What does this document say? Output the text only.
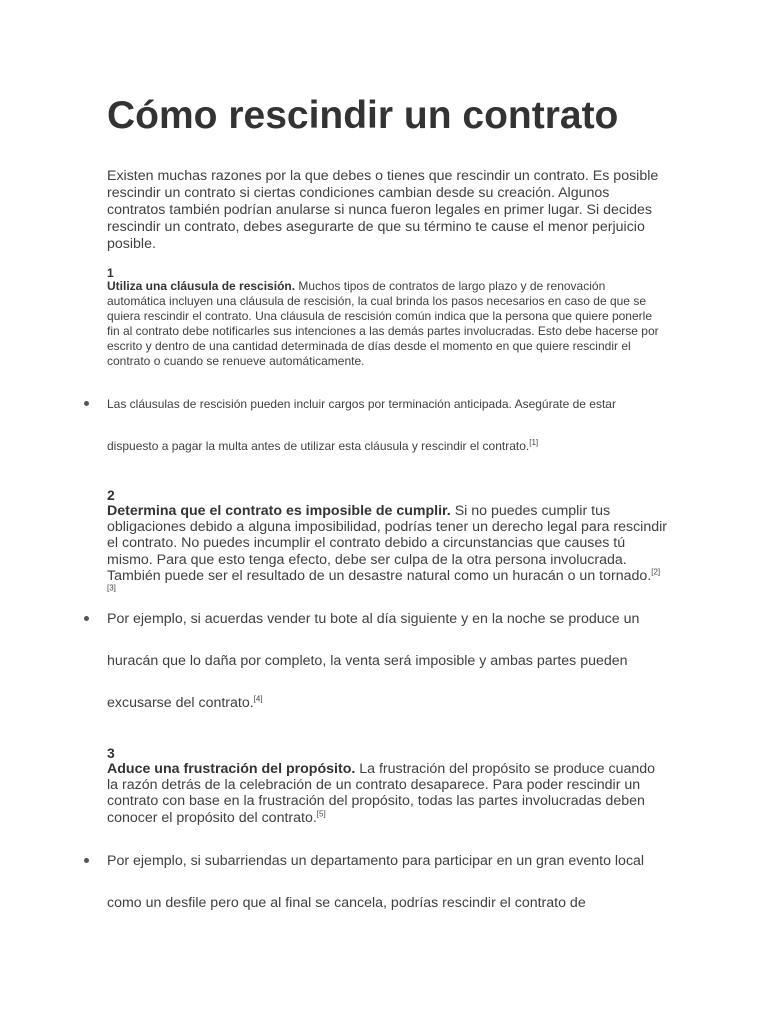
Cómo rescindir un contrato

Existen muchas razones por la que debes o tienes que rescindir un contrato. Es posible rescindir un contrato si ciertas condiciones cambian desde su creación. Algunos contratos también podrían anularse si nunca fueron legales en primer lugar. Si decides rescindir un contrato, debes asegurarte de que su término te cause el menor perjuicio posible.

1

Utiliza una cláusula de rescisión. Muchos tipos de contratos de largo plazo y de renovación automática incluyen una cláusula de rescisión, la cual brinda los pasos necesarios en caso de que se quiera rescindir el contrato. Una cláusula de rescisión común indica que la persona que quiere ponerle fin al contrato debe notificarles sus intenciones a las demás partes involucradas. Esto debe hacerse por escrito y dentro de una cantidad determinada de días desde el momento en que quiere rescindir el contrato o cuando se renueve automáticamente.

Las cláusulas de rescisión pueden incluir cargos por terminación anticipada. Asegúrate de estar
dispuesto a pagar la multa antes de utilizar esta cláusula y rescindir el contrato.[1]
2

Determina que el contrato es imposible de cumplir. Si no puedes cumplir tus obligaciones debido a alguna imposibilidad, podrías tener un derecho legal para rescindir el contrato. No puedes incumplir el contrato debido a circunstancias que causes tú mismo. Para que esto tenga efecto, debe ser culpa de la otra persona involucrada. También puede ser el resultado de un desastre natural como un huracán o un tornado.[2][3]

Por ejemplo, si acuerdas vender tu bote al día siguiente y en la noche se produce un
huracán que lo daña por completo, la venta será imposible y ambas partes pueden
excusarse del contrato.[4]
3

Aduce una frustración del propósito. La frustración del propósito se produce cuando la razón detrás de la celebración de un contrato desaparece. Para poder rescindir un contrato con base en la frustración del propósito, todas las partes involucradas deben conocer el propósito del contrato.[5]

Por ejemplo, si subarriendas un departamento para participar en un gran evento local
como un desfile pero que al final se cancela, podrías rescindir el contrato de
